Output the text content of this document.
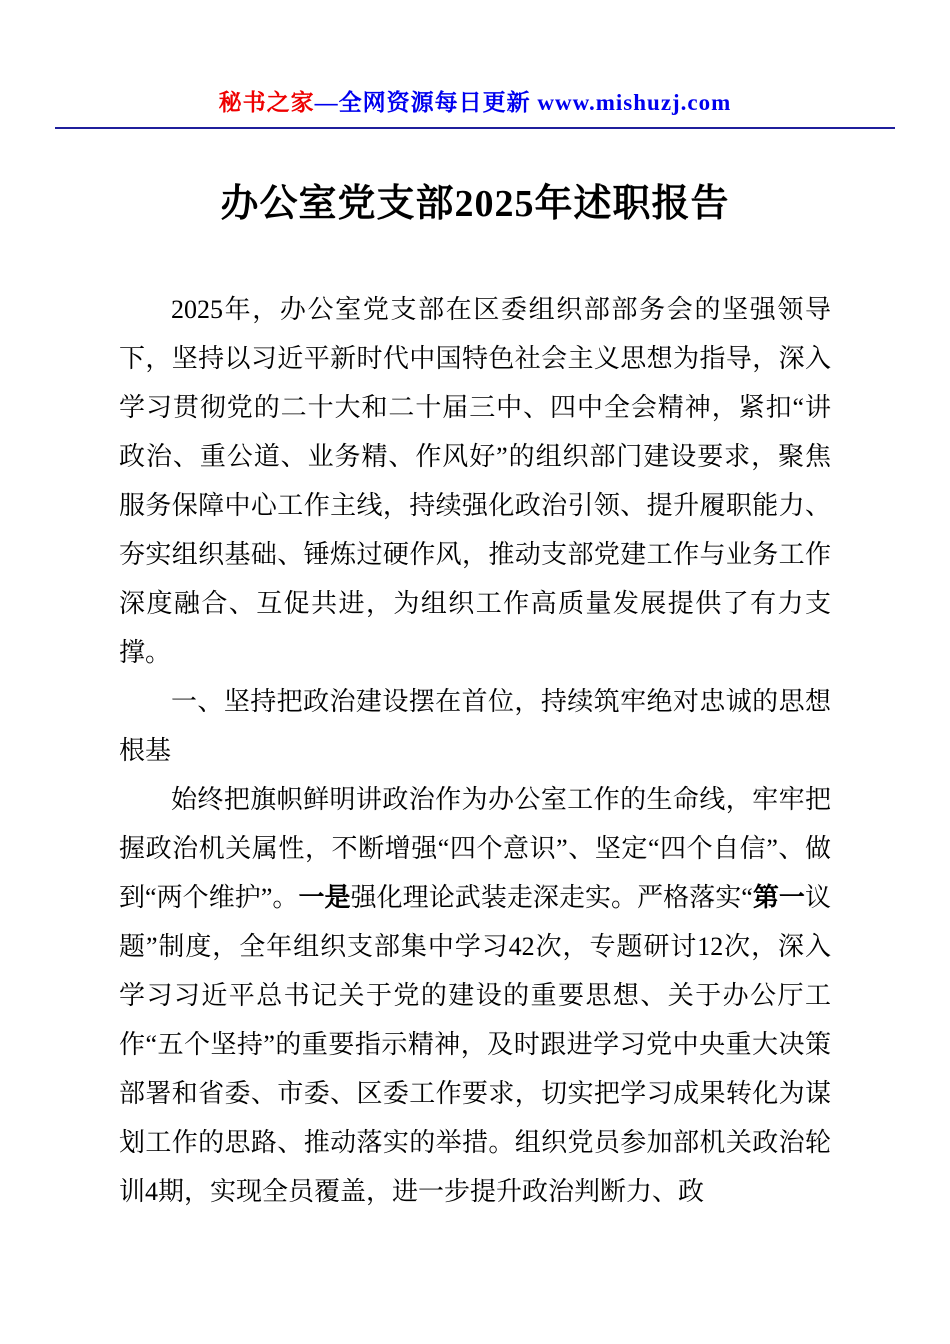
秘书之家—全网资源每日更新 www.mishuzj.com
办公室党支部2025年述职报告

2025年，办公室党支部在区委组织部部务会的坚强领导下，坚持以习近平新时代中国特色社会主义思想为指导，深入学习贯彻党的二十大和二十届三中、四中全会精神，紧扣“讲政治、重公道、业务精、作风好”的组织部门建设要求，聚焦服务保障中心工作主线，持续强化政治引领、提升履职能力、夯实组织基础、锤炼过硬作风，推动支部党建工作与业务工作深度融合、互促共进，为组织工作高质量发展提供了有力支撑。

一、坚持把政治建设摆在首位，持续筑牢绝对忠诚的思想根基

始终把旗帜鲜明讲政治作为办公室工作的生命线，牢牢把握政治机关属性，不断增强“四个意识”、坚定“四个自信”、做到“两个维护”。一是强化理论武装走深走实。严格落实“第一议题”制度，全年组织支部集中学习42次，专题研讨12次，深入学习习近平总书记关于党的建设的重要思想、关于办公厅工作“五个坚持”的重要指示精神，及时跟进学习党中央重大决策部署和省委、市委、区委工作要求，切实把学习成果转化为谋划工作的思路、推动落实的举措。组织党员参加部机关政治轮训4期，实现全员覆盖，进一步提升政治判断力、政
